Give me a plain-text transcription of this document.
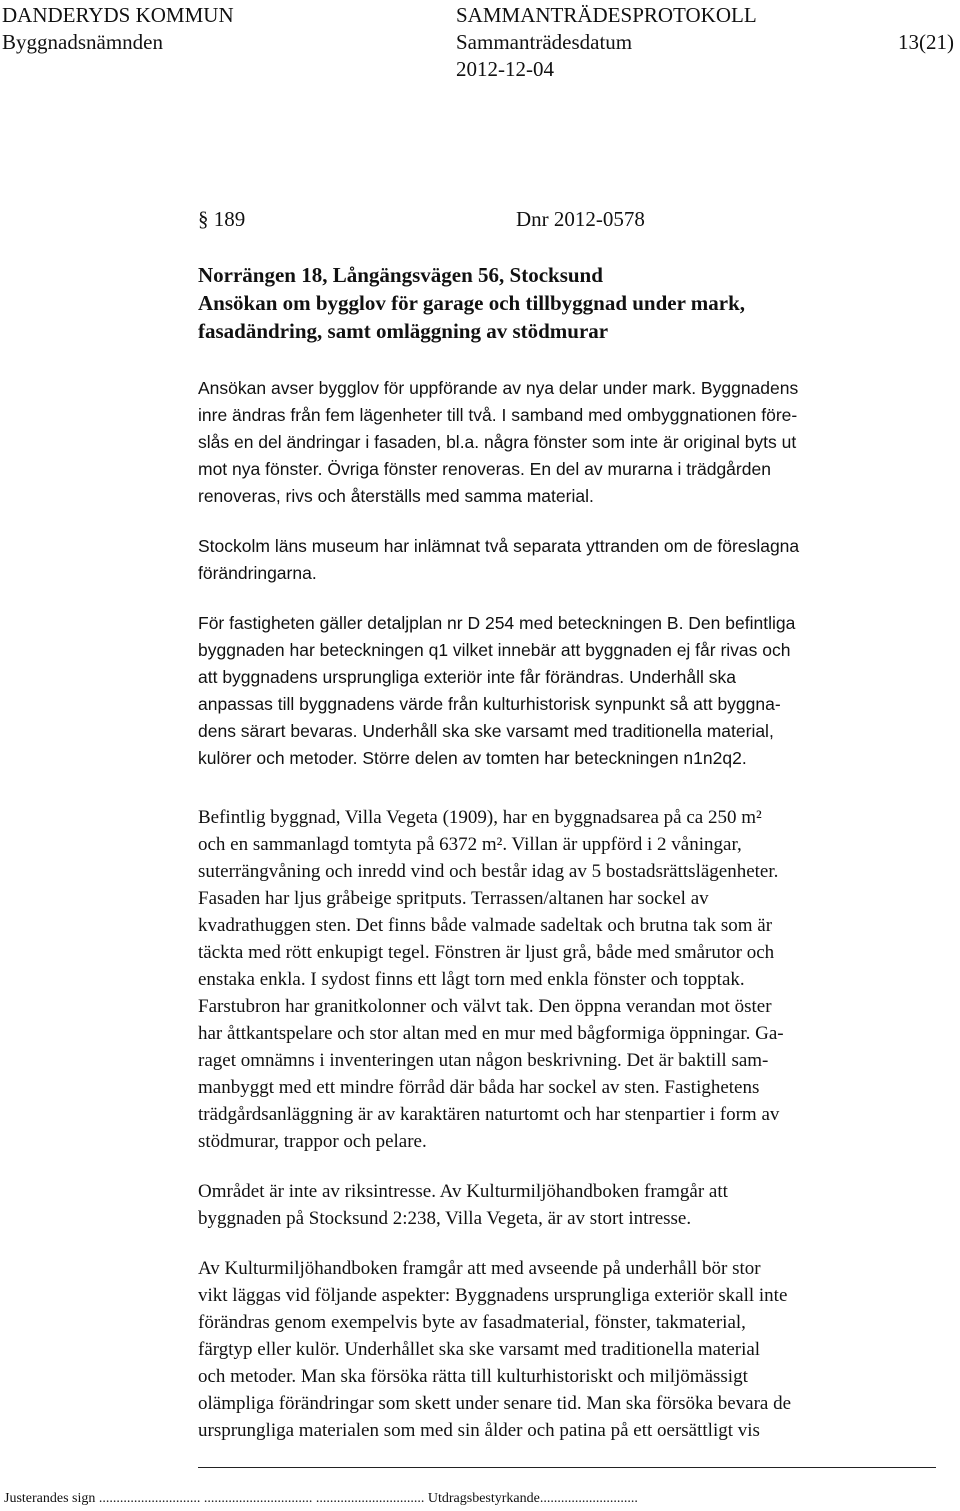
DANDERYDS KOMMUN	SAMMANTRÄDESPROTOKOLL
Byggnadsnämnden	Sammanträdesdatum	13(21)
2012-12-04
§ 189	Dnr 2012-0578
Norrängen 18, Långängsvägen 56, Stocksund
Ansökan om bygglov för garage och tillbyggnad under mark,
fasadändring, samt omläggning av stödmurar

Ansökan avser bygglov för uppförande av nya delar under mark. Byggnadens
inre ändras från fem lägenheter till två. I samband med ombyggnationen före-
slås en del ändringar i fasaden, bl.a. några fönster som inte är original byts ut
mot nya fönster. Övriga fönster renoveras. En del av murarna i trädgården
renoveras, rivs och återställs med samma material.

Stockolm läns museum har inlämnat två separata yttranden om de föreslagna
förändringarna.

För fastigheten gäller detaljplan nr D 254 med beteckningen B. Den befintliga
byggnaden har beteckningen q1 vilket innebär att byggnaden ej får rivas och
att byggnadens ursprungliga exteriör inte får förändras. Underhåll ska
anpassas till byggnadens värde från kulturhistorisk synpunkt så att byggna-
dens särart bevaras. Underhåll ska ske varsamt med traditionella material,
kulörer och metoder. Större delen av tomten har beteckningen n1n2q2.

Befintlig byggnad, Villa Vegeta (1909), har en byggnadsarea på ca 250 m²
och en sammanlagd tomtyta på 6372 m². Villan är uppförd i 2 våningar,
suterrängvåning och inredd vind och består idag av 5 bostadsrättslägenheter.
Fasaden har ljus gråbeige spritputs. Terrassen/altanen har sockel av
kvadrathuggen sten. Det finns både valmade sadeltak och brutna tak som är
täckta med rött enkupigt tegel. Fönstren är ljust grå, både med smårutor och
enstaka enkla. I sydost finns ett lågt torn med enkla fönster och topptak.
Farstubron har granitkolonner och välvt tak. Den öppna verandan mot öster
har åttkantspelare och stor altan med en mur med bågformiga öppningar. Ga-
raget omnämns i inventeringen utan någon beskrivning. Det är baktill sam-
manbyggt med ett mindre förråd där båda har sockel av sten. Fastighetens
trädgårdsanläggning är av karaktären naturtomt och har stenpartier i form av
stödmurar, trappor och pelare.

Området är inte av riksintresse. Av Kulturmiljöhandboken framgår att
byggnaden på Stocksund 2:238, Villa Vegeta, är av stort intresse.

Av Kulturmiljöhandboken framgår att med avseende på underhåll bör stor
vikt läggas vid följande aspekter: Byggnadens ursprungliga exteriör skall inte
förändras genom exempelvis byte av fasadmaterial, fönster, takmaterial,
färgtyp eller kulör. Underhållet ska ske varsamt med traditionella material
och metoder. Man ska försöka rätta till kulturhistoriskt och miljömässigt
olämpliga förändringar som skett under senare tid. Man ska försöka bevara de
ursprungliga materialen som med sin ålder och patina på ett oersättligt vis

Justerandes sign ............................. ............................... ............................... Utdragsbestyrkande............................
